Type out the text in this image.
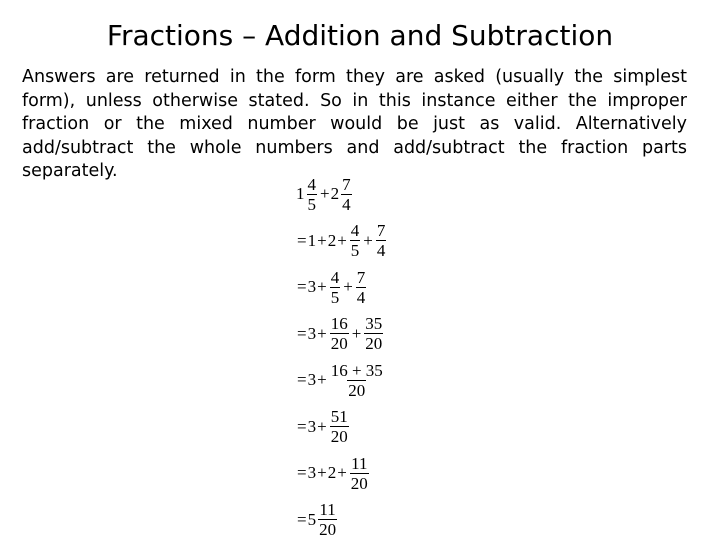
Fractions – Addition and Subtraction
Answers are returned in the form they are asked (usually the simplest form), unless otherwise stated. So in this instance either the improper fraction or the mixed number would be just as valid. Alternatively add/subtract the whole numbers and add/subtract the fraction parts separately.
$1 \frac{4}{5} + 2 \frac{7}{4}$
= $1 + 2 + \frac{4}{5} + \frac{7}{4}$
= $3 + \frac{4}{5} + \frac{7}{4}$
= $3 + \frac{16}{20} + \frac{35}{20}$
= $3 + \frac{16 + 35}{20}$
= $3 + \frac{51}{20}$
= $3 + 2 + \frac{11}{20}$
= $5 \frac{11}{20}$
